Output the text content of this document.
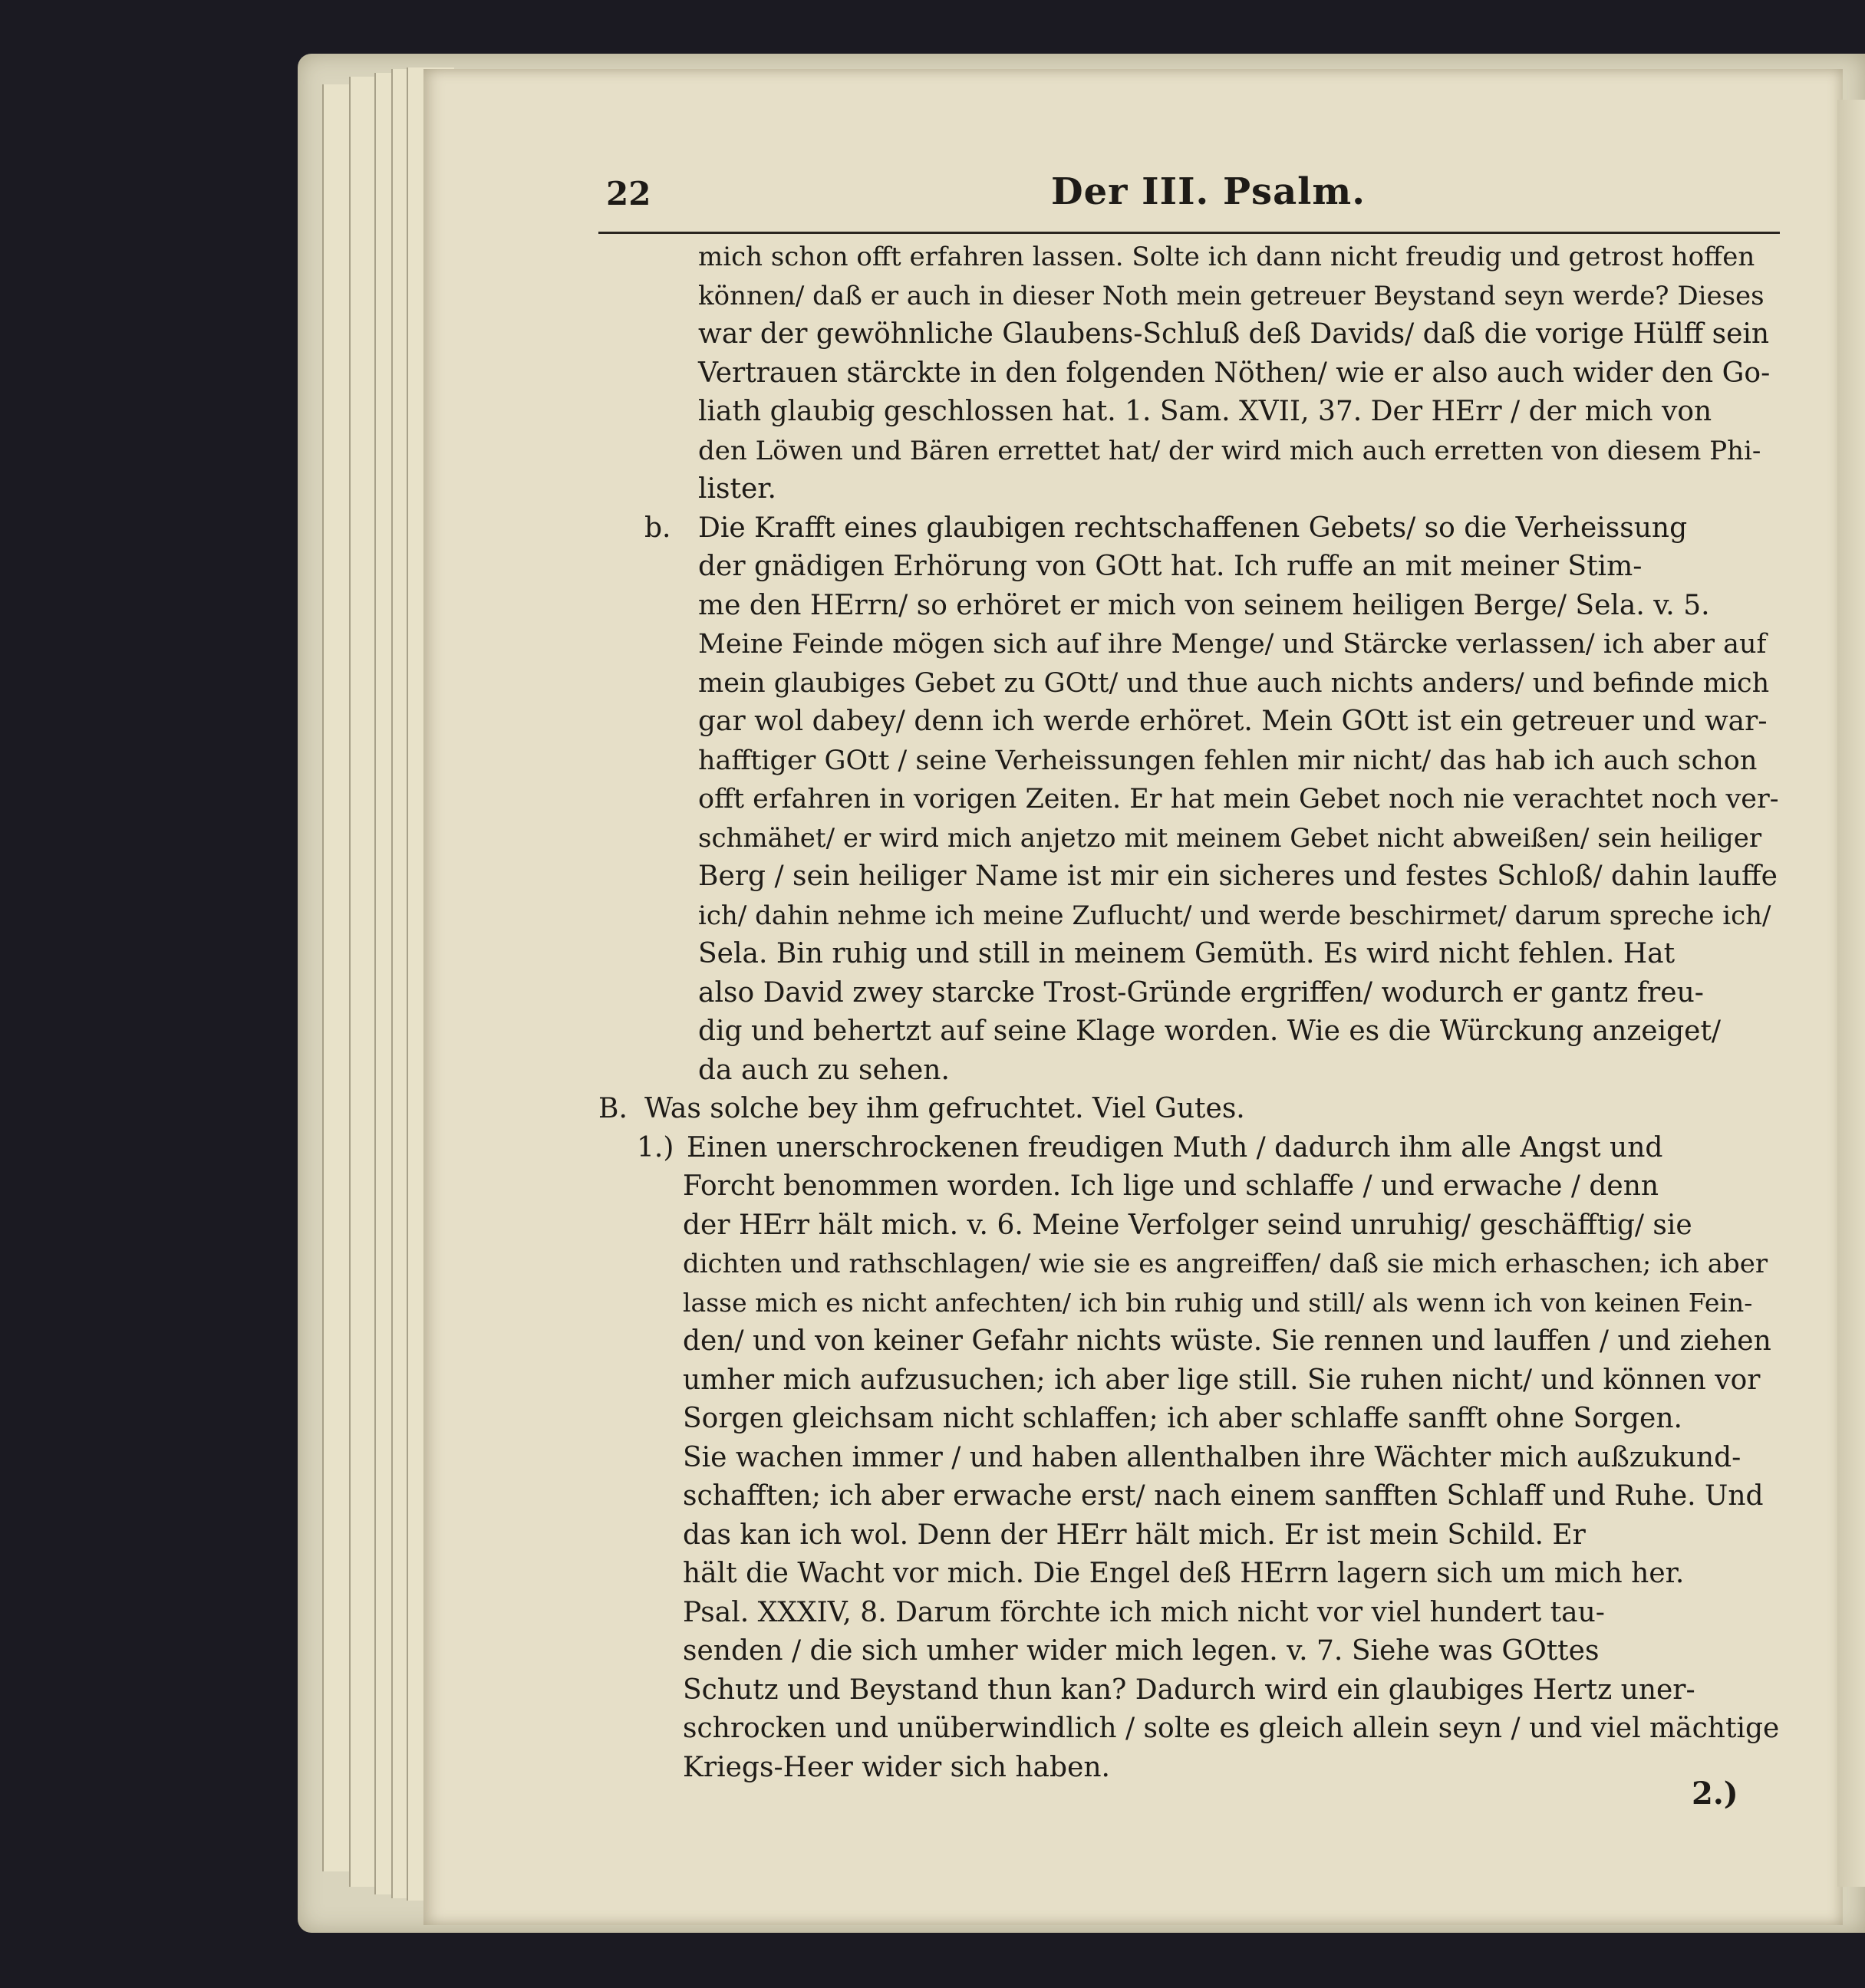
22	Der III. Psalm.
mich schon offt erfahren lassen. Solte ich dann nicht freudig und getrost hoffen
können/ daß er auch in dieser Noth mein getreuer Beystand seyn werde? Dieses
war der gewöhnliche Glaubens-Schluß deß Davids/ daß die vorige Hülff sein
Vertrauen stärckte in den folgenden Nöthen/ wie er also auch wider den Go-
liath glaubig geschlossen hat. 1. Sam. XVII, 37. Der HErr / der mich von
den Löwen und Bären errettet hat/ der wird mich auch erretten von diesem Phi-
lister.
b. Die Krafft eines glaubigen rechtschaffenen Gebets/ so die Verheissung
der gnädigen Erhörung von GOtt hat. Ich ruffe an mit meiner Stim-
me den HErrn/ so erhöret er mich von seinem heiligen Berge/ Sela. v. 5.
Meine Feinde mögen sich auf ihre Menge/ und Stärcke verlassen/ ich aber auf
mein glaubiges Gebet zu GOtt/ und thue auch nichts anders/ und befinde mich
gar wol dabey/ denn ich werde erhöret. Mein GOtt ist ein getreuer und war-
hafftiger GOtt / seine Verheissungen fehlen mir nicht/ das hab ich auch schon
offt erfahren in vorigen Zeiten. Er hat mein Gebet noch nie verachtet noch ver-
schmähet/ er wird mich anjetzo mit meinem Gebet nicht abweißen/ sein heiliger
Berg / sein heiliger Name ist mir ein sicheres und festes Schloß/ dahin lauffe
ich/ dahin nehme ich meine Zuflucht/ und werde beschirmet/ darum spreche ich/
Sela. Bin ruhig und still in meinem Gemüth. Es wird nicht fehlen. Hat
also David zwey starcke Trost-Gründe ergriffen/ wodurch er gantz freu-
dig und behertzt auf seine Klage worden. Wie es die Würckung anzeiget/
da auch zu sehen.
B. Was solche bey ihm gefruchtet. Viel Gutes.
1.) Einen unerschrockenen freudigen Muth / dadurch ihm alle Angst und
Forcht benommen worden. Ich lige und schlaffe / und erwache / denn
der HErr hält mich. v. 6. Meine Verfolger seind unruhig/ geschäfftig/ sie
dichten und rathschlagen/ wie sie es angreiffen/ daß sie mich erhaschen; ich aber
lasse mich es nicht anfechten/ ich bin ruhig und still/ als wenn ich von keinen Fein-
den/ und von keiner Gefahr nichts wüste. Sie rennen und lauffen / und ziehen
umher mich aufzusuchen; ich aber lige still. Sie ruhen nicht/ und können vor
Sorgen gleichsam nicht schlaffen; ich aber schlaffe sanfft ohne Sorgen.
Sie wachen immer / und haben allenthalben ihre Wächter mich außzukund-
schafften; ich aber erwache erst/ nach einem sanfften Schlaff und Ruhe. Und
das kan ich wol. Denn der HErr hält mich. Er ist mein Schild. Er
hält die Wacht vor mich. Die Engel deß HErrn lagern sich um mich her.
Psal. XXXIV, 8. Darum förchte ich mich nicht vor viel hundert tau-
senden / die sich umher wider mich legen. v. 7. Siehe was GOttes
Schutz und Beystand thun kan? Dadurch wird ein glaubiges Hertz uner-
schrocken und unüberwindlich / solte es gleich allein seyn / und viel mächtige
Kriegs-Heer wider sich haben.
2.)
